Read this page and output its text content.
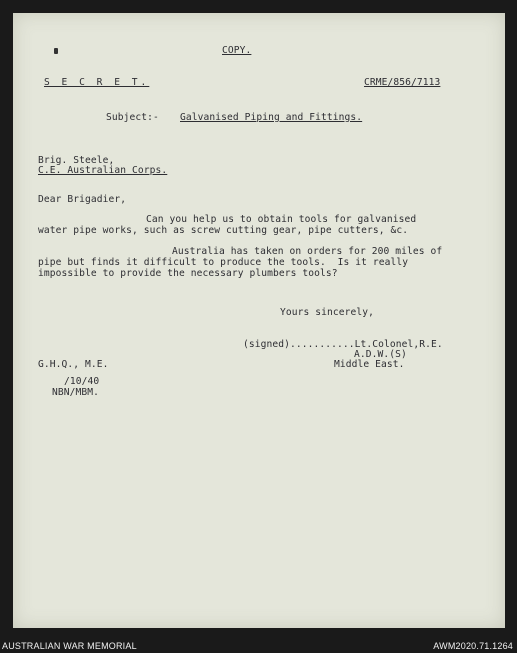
COPY.
S E C R E T.	CRME/856/7113
Subject:- Galvanised Piping and Fittings.
Brig. Steele,
C.E. Australian Corps.
Dear Brigadier,
Can you help us to obtain tools for galvanised
water pipe works, such as screw cutting gear, pipe cutters, &c.
Australia has taken on orders for 200 miles of
pipe but finds it difficult to produce the tools.  Is it really
impossible to provide the necessary plumbers tools?
Yours sincerely,
(signed)...........Lt.Colonel,R.E.
A.D.W.(S)
Middle East.
G.H.Q., M.E.
/10/40
NBN/MBM.
AUSTRALIAN WAR MEMORIAL	AWM2020.71.1264
